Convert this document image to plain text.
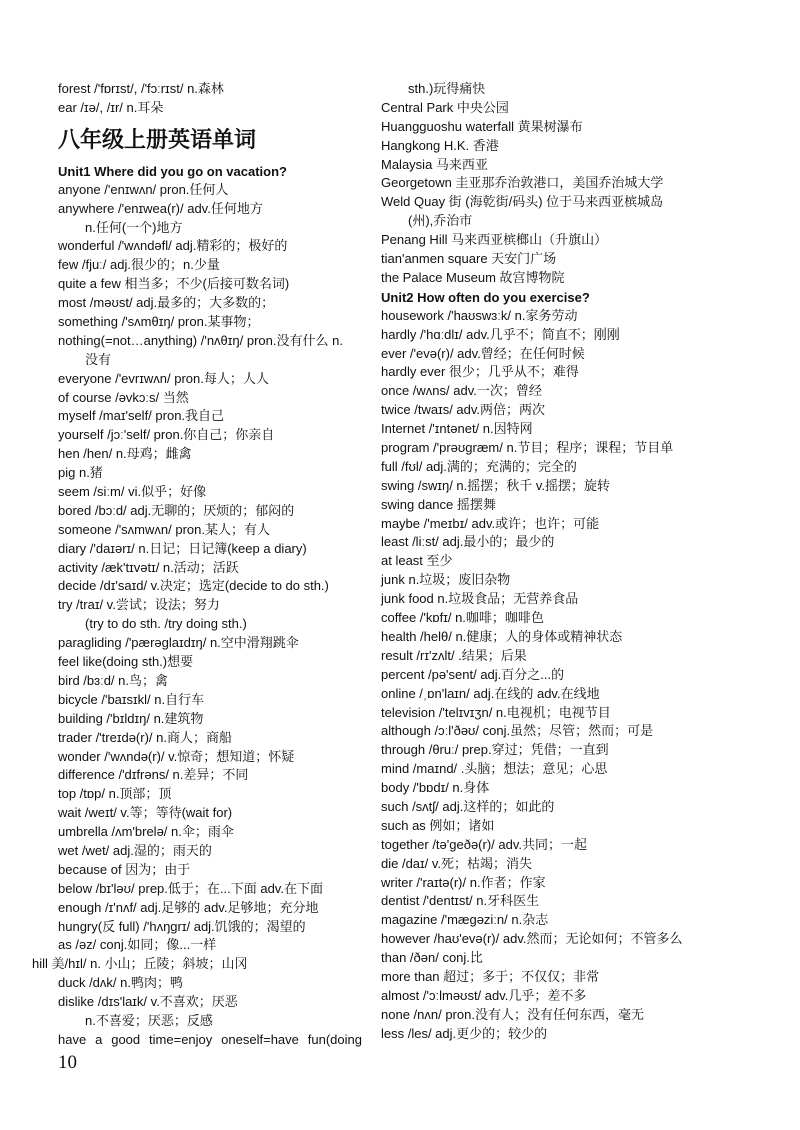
forest /'fɒrɪst/, /'fɔːrɪst/ n.森林
ear /ɪə/, /ɪr/ n.耳朵
八年级上册英语单词
Unit1 Where did you go on vacation?
anyone /'enɪwʌn/ pron.任何人
anywhere /'enɪwea(r)/ adv.任何地方
n.任何(一个)地方
wonderful /'wʌndəfl/ adj.精彩的；极好的
few /fjuː/ adj.很少的；n.少量
quite a few 相当多；不少(后接可数名词)
most /məʊst/ adj.最多的；大多数的；
something /'sʌmθɪŋ/ pron.某事物；
nothing(=not…anything) /'nʌθɪŋ/ pron.没有什么 n.
没有
everyone /'evrɪwʌn/ pron.每人；人人
of course /əvkɔːs/ 当然
myself /maɪ'self/ pron.我自己
yourself /jɔː'self/ pron.你自己；你亲自
hen /hen/ n.母鸡；雌禽
pig n.猪
seem /siːm/ vi.似乎；好像
bored /bɔːd/ adj.无聊的；厌烦的；郁闷的
someone /'sʌmwʌn/ pron.某人；有人
diary /'daɪərɪ/ n.日记；日记簿(keep a diary)
activity /æk'tɪvətɪ/ n.活动；活跃
decide /dɪ'saɪd/ v.决定；选定(decide to do sth.)
try /traɪ/ v.尝试；设法；努力
(try to do sth. /try doing sth.)
paragliding /'pærəglaɪdɪŋ/ n.空中滑翔跳伞
feel like(doing sth.)想要
bird /bɜːd/ n.鸟；禽
bicycle /'baɪsɪkl/ n.自行车
building /'bɪldɪŋ/ n.建筑物
trader /'treɪdə(r)/ n.商人；商船
wonder /'wʌndə(r)/ v.惊奇；想知道；怀疑
difference /'dɪfrəns/ n.差异；不同
top /tɒp/ n.顶部；顶
wait /weɪt/ v.等；等待(wait for)
umbrella /ʌm'brelə/ n.伞；雨伞
wet /wet/ adj.湿的；雨天的
because of 因为；由于
below /bɪ'ləʊ/ prep.低于；在...下面 adv.在下面
enough /ɪ'nʌf/ adj.足够的 adv.足够地；充分地
hungry(反 full) /'hʌŋgrɪ/ adj.饥饿的；渴望的
as /əz/ conj.如同；像...一样
hill 美/hɪl/ n. 小山；丘陵；斜坡；山冈
duck /dʌk/ n.鸭肉；鸭
dislike /dɪs'laɪk/ v.不喜欢；厌恶
n.不喜爱；厌恶；反感
have a good time=enjoy oneself=have fun(doing
sth.)玩得痛快
Central Park 中央公园
Huangguoshu waterfall 黄果树瀑布
Hangkong H.K. 香港
Malaysia 马来西亚
Georgetown 圭亚那乔治敦港口，美国乔治城大学
Weld Quay 街 (海乾街/码头) 位于马来西亚槟城岛
(州),乔治市
Penang Hill 马来西亚槟榔山（升旗山）
tian'anmen square 天安门广场
the Palace Museum 故宫博物院
Unit2 How often do you exercise?
housework /'haʊswɜːk/ n.家务劳动
hardly /'hɑːdlɪ/ adv.几乎不；简直不；刚刚
ever /'evə(r)/ adv.曾经；在任何时候
hardly ever 很少；几乎从不；难得
once /wʌns/ adv.一次；曾经
twice /twaɪs/ adv.两倍；两次
Internet /'ɪntənet/ n.因特网
program /'prəʊgræm/ n.节目；程序；课程；节目单
full /fʊl/ adj.满的；充满的；完全的
swing /swɪŋ/ n.摇摆；秋千 v.摇摆；旋转
swing dance 摇摆舞
maybe /'meɪbɪ/ adv.或许；也许；可能
least /liːst/ adj.最小的；最少的
at least 至少
junk n.垃圾；废旧杂物
junk food n.垃圾食品；无营养食品
coffee /'kɒfɪ/ n.咖啡；咖啡色
health /helθ/ n.健康；人的身体或精神状态
result /rɪ'zʌlt/ .结果；后果
percent /pə'sent/ adj.百分之...的
online /ˌɒn'laɪn/ adj.在线的 adv.在线地
television /'telɪvɪʒn/ n.电视机；电视节目
although /ɔːl'ðəʊ/ conj.虽然；尽管；然而；可是
through /θruː/ prep.穿过；凭借；一直到
mind /maɪnd/ .头脑；想法；意见；心思
body /'bɒdɪ/ n.身体
such /sʌtʃ/ adj.这样的；如此的
such as 例如；诸如
together /tə'geðə(r)/ adv.共同；一起
die /daɪ/ v.死；枯竭；消失
writer /'raɪtə(r)/ n.作者；作家
dentist /'dentɪst/ n.牙科医生
magazine /'mægəziːn/ n.杂志
however /haʊ'evə(r)/ adv.然而；无论如何；不管多么
than /ðən/ conj.比
more than 超过；多于；不仅仅；非常
almost /'ɔːlməʊst/ adv.几乎；差不多
none /nʌn/ pron.没有人；没有任何东西，毫无
less /les/ adj.更少的；较少的
10
